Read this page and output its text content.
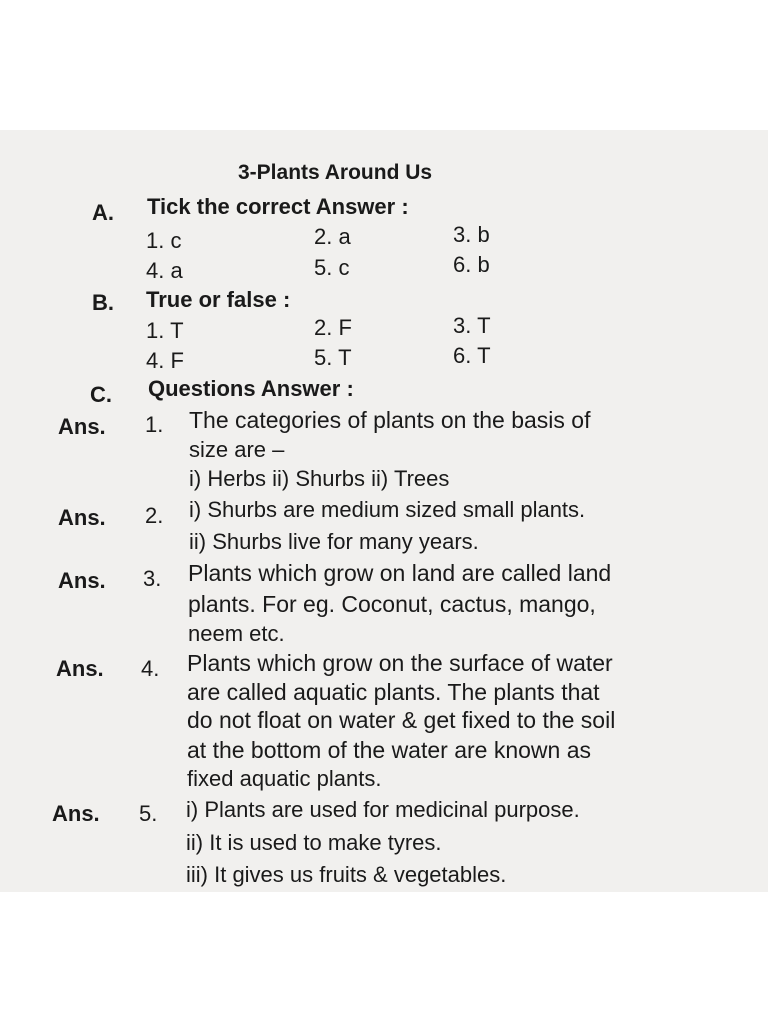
3-Plants Around Us
A. Tick the correct Answer :
1. c	2. a	3. b
4. a	5. c	6. b
B. True or false :
1. T	2. F	3. T
4. F	5. T	6. T
C. Questions Answer :
Ans. 1. The categories of plants on the basis of
size are –
i) Herbs ii) Shurbs ii) Trees
Ans. 2. i) Shurbs are medium sized small plants.
ii) Shurbs live for many years.
Ans. 3. Plants which grow on land are called land
plants. For eg. Coconut, cactus, mango,
neem etc.
Ans. 4. Plants which grow on the surface of water
are called aquatic plants. The plants that
do not float on water & get fixed to the soil
at the bottom of the water are known as
fixed aquatic plants.
Ans. 5. i) Plants are used for medicinal purpose.
ii) It is used to make tyres.
iii) It gives us fruits & vegetables.
